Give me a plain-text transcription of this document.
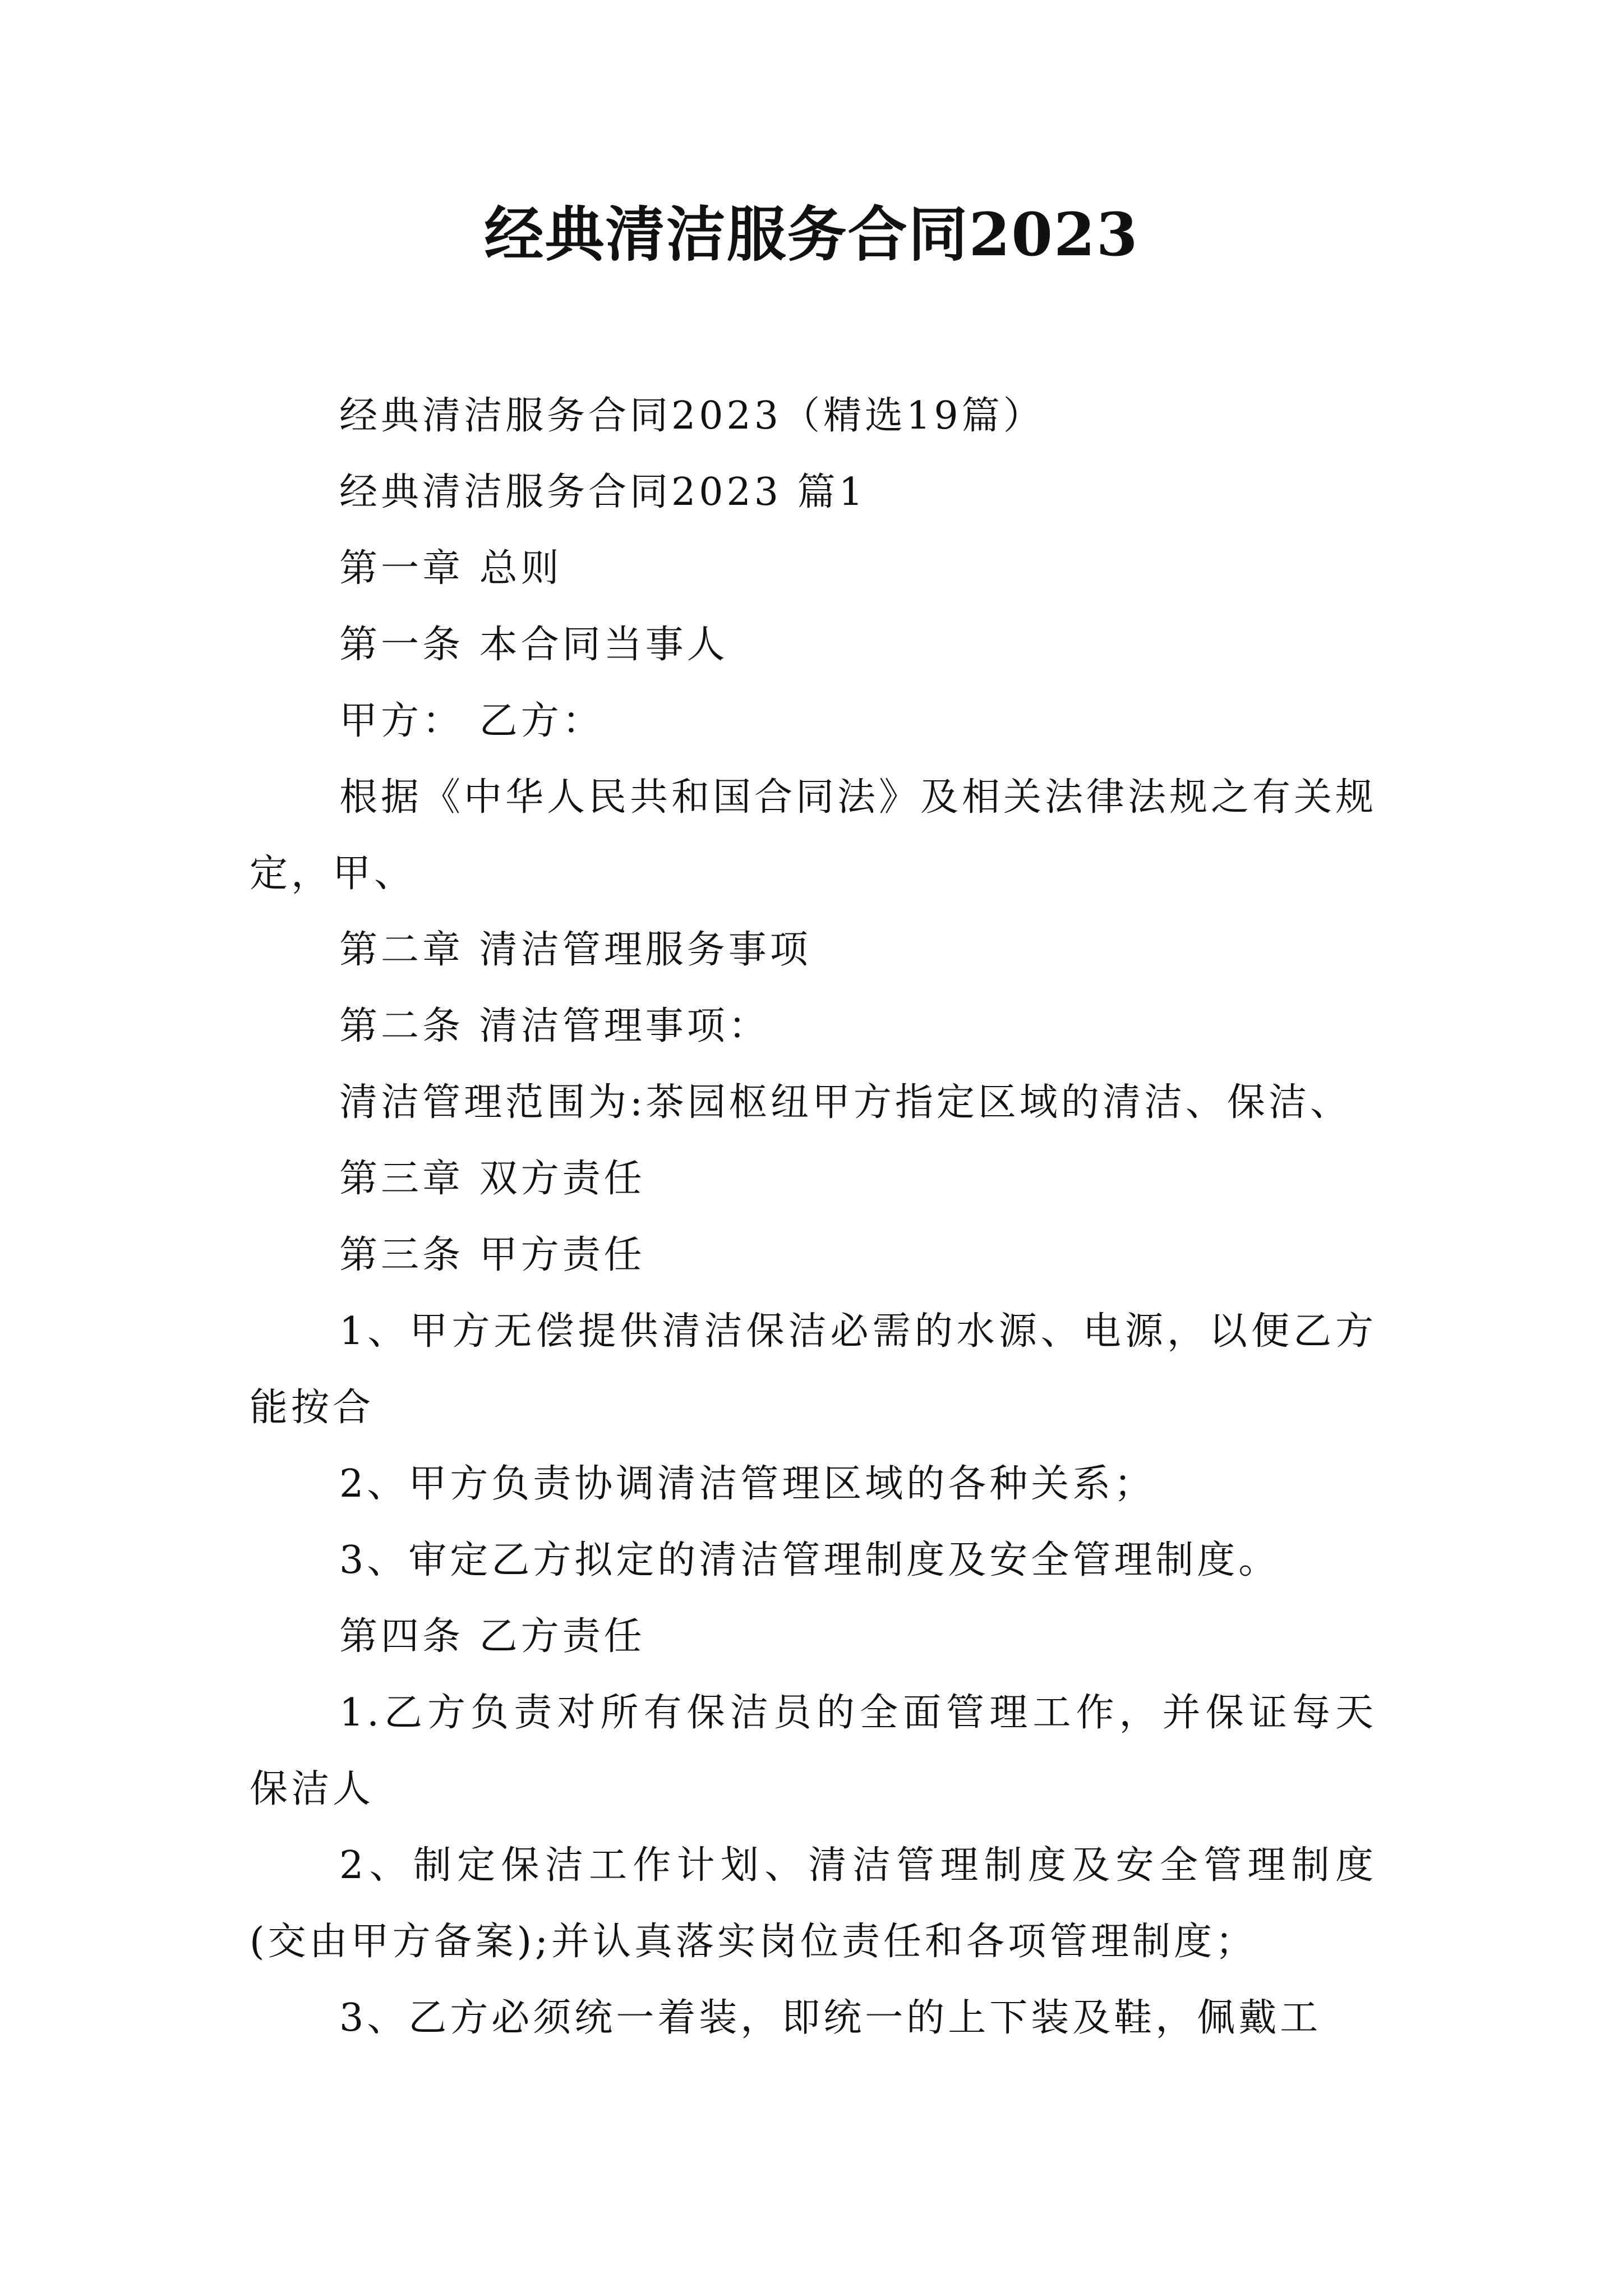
经典清洁服务合同2023

经典清洁服务合同2023（精选19篇）

经典清洁服务合同2023 篇1

第一章 总则

第一条 本合同当事人

甲方： 乙方：

根据《中华人民共和国合同法》及相关法律法规之有关规定，甲、

第二章 清洁管理服务事项

第二条 清洁管理事项：

清洁管理范围为:茶园枢纽甲方指定区域的清洁、保洁、

第三章 双方责任

第三条 甲方责任

1、甲方无偿提供清洁保洁必需的水源、电源，以便乙方能按合

2、甲方负责协调清洁管理区域的各种关系；

3、审定乙方拟定的清洁管理制度及安全管理制度。

第四条 乙方责任

1.乙方负责对所有保洁员的全面管理工作，并保证每天保洁人

2、制定保洁工作计划、清洁管理制度及安全管理制度(交由甲方备案);并认真落实岗位责任和各项管理制度；

3、乙方必须统一着装，即统一的上下装及鞋，佩戴工
